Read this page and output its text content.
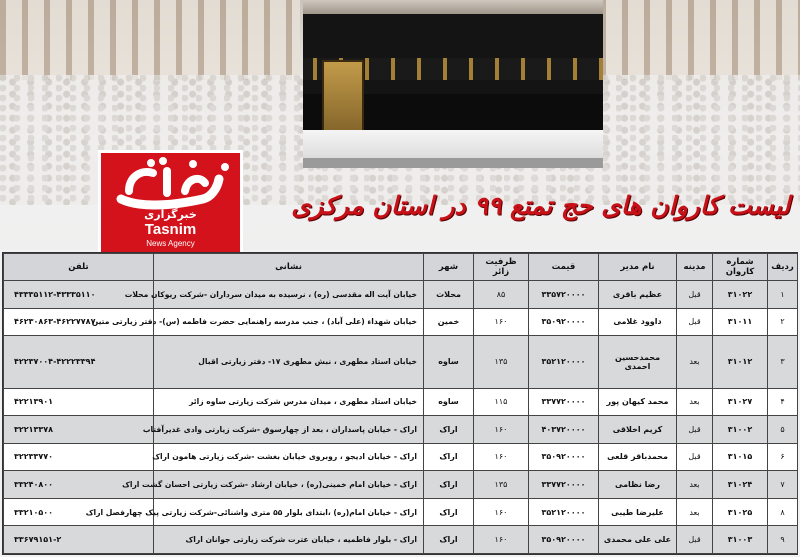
خبرگزاری
Tasnim
News Agency
لیست کاروان های حج تمتع ۹۹ در استان مرکزی
ردیف	شماره کاروان	مدینه	نام مدیر	قیمت	ظرفیت زائر	شهر	نشانی	تلفن
۱	۳۱۰۲۲	قبل	عظیم باقری	۳۳۵۷۲۰۰۰۰	۸۵	محلات	خیابان آیت اله مقدسی (ره) ، نرسیده به میدان سرداران -شرکت ریوکان محلات	۴۳۳۳۵۱۱۲-۴۳۳۳۵۱۱۰
۲	۳۱۰۱۱	قبل	داوود غلامی	۳۵۰۹۲۰۰۰۰	۱۶۰	خمین	خیابان شهداء (علی آباد) ، جنب مدرسه راهنمایی حضرت فاطمه (س)- دفتر زیارتی متین	۴۶۲۳۰۸۶۳-۴۶۲۲۷۷۸۷
۳	۳۱۰۱۲	بعد	محمدحسین احمدی	۳۵۲۱۲۰۰۰۰	۱۳۵	ساوه	خیابان استاد مطهری ، نبش مطهری ۱۷- دفتر زیارتی اقبال	۴۲۲۳۷۰۰۴-۴۲۲۲۳۳۹۴
۴	۳۱۰۲۷	بعد	محمد کیهان پور	۳۳۷۷۲۰۰۰۰	۱۱۵	ساوه	خیابان استاد مطهری ، میدان مدرس شرکت زیارتی ساوه زائر	۴۲۲۱۳۹۰۱
۵	۳۱۰۰۲	قبل	کریم اخلاقی	۴۰۳۷۲۰۰۰۰	۱۶۰	اراک	اراک - خیابان پاسداران ، بعد از چهارسوق -شرکت زیارتی وادی غدیرآفتاب	۳۲۲۱۳۳۷۸
۶	۳۱۰۱۵	قبل	محمدباقر قلعی	۳۵۰۹۲۰۰۰۰	۱۶۰	اراک	اراک - خیابان ادیجو ، روبروی خیابان بغشت -شرکت زیارتی هامون اراک	۳۲۲۳۳۷۷۰
۷	۳۱۰۲۴	بعد	رضا نظامی	۳۳۷۷۲۰۰۰۰	۱۳۵	اراک	اراک - خیابان امام خمینی(ره) ، خیابان ارشاد -شرکت زیارتی احسان گشت اراک	۳۳۲۴۰۸۰۰
۸	۳۱۰۲۵	بعد	علیرضا طیبی	۳۵۲۱۲۰۰۰۰	۱۶۰	اراک	اراک - خیابان امام(ره) ،ابتدای بلوار ۵۵ متری واشنائی-شرکت زیارتی پیک چهارفصل اراک	۳۳۲۱۰۵۰۰
۹	۳۱۰۰۳	قبل	علی علی محمدی	۳۵۰۹۲۰۰۰۰	۱۶۰	اراک	اراک - بلوار فاطمیه ، خیابان عترت شرکت زیارتی جوانان اراک	۳۳۶۷۹۱۵۱-۲
